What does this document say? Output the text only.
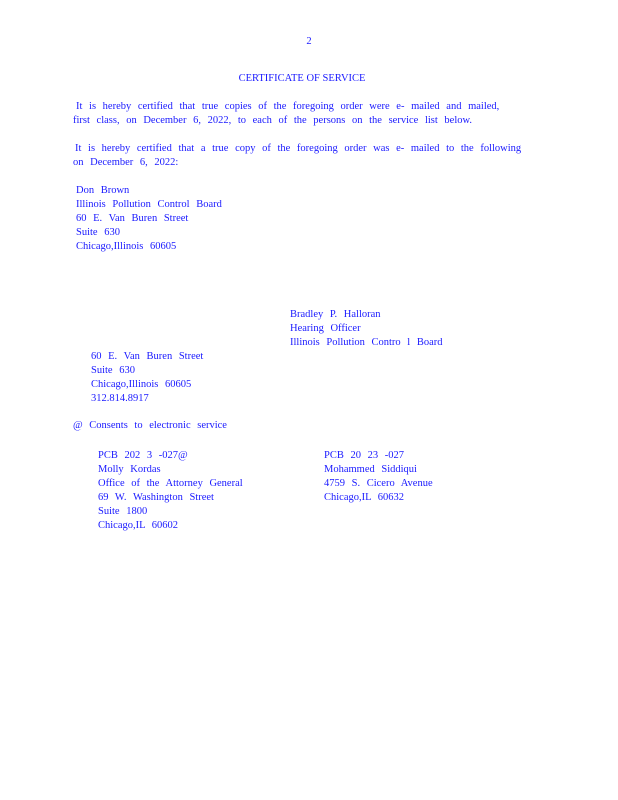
2
CERTIFICATE OF SERVICE
It is hereby certified that true copies of the foregoing order were e- mailed and mailed,
first class, on December 6, 2022, to each of the persons on the service list below.
It is hereby certified that a true copy of the foregoing order was e- mailed to the following
on December 6, 2022:
Don Brown
Illinois Pollution Control Board
60 E. Van Buren Street
Suite 630
Chicago,Illinois 60605
Bradley P. Halloran
Hearing Officer
Illinois Pollution Contro l Board
60 E. Van Buren Street
Suite 630
Chicago,Illinois 60605
312.814.8917
@ Consents to electronic service
PCB 202 3 -027@
Molly Kordas
Office of the Attorney General
69 W. Washington Street
Suite 1800
Chicago,IL 60602
PCB 20 23 -027
Mohammed Siddiqui
4759 S. Cicero Avenue
Chicago,IL 60632
